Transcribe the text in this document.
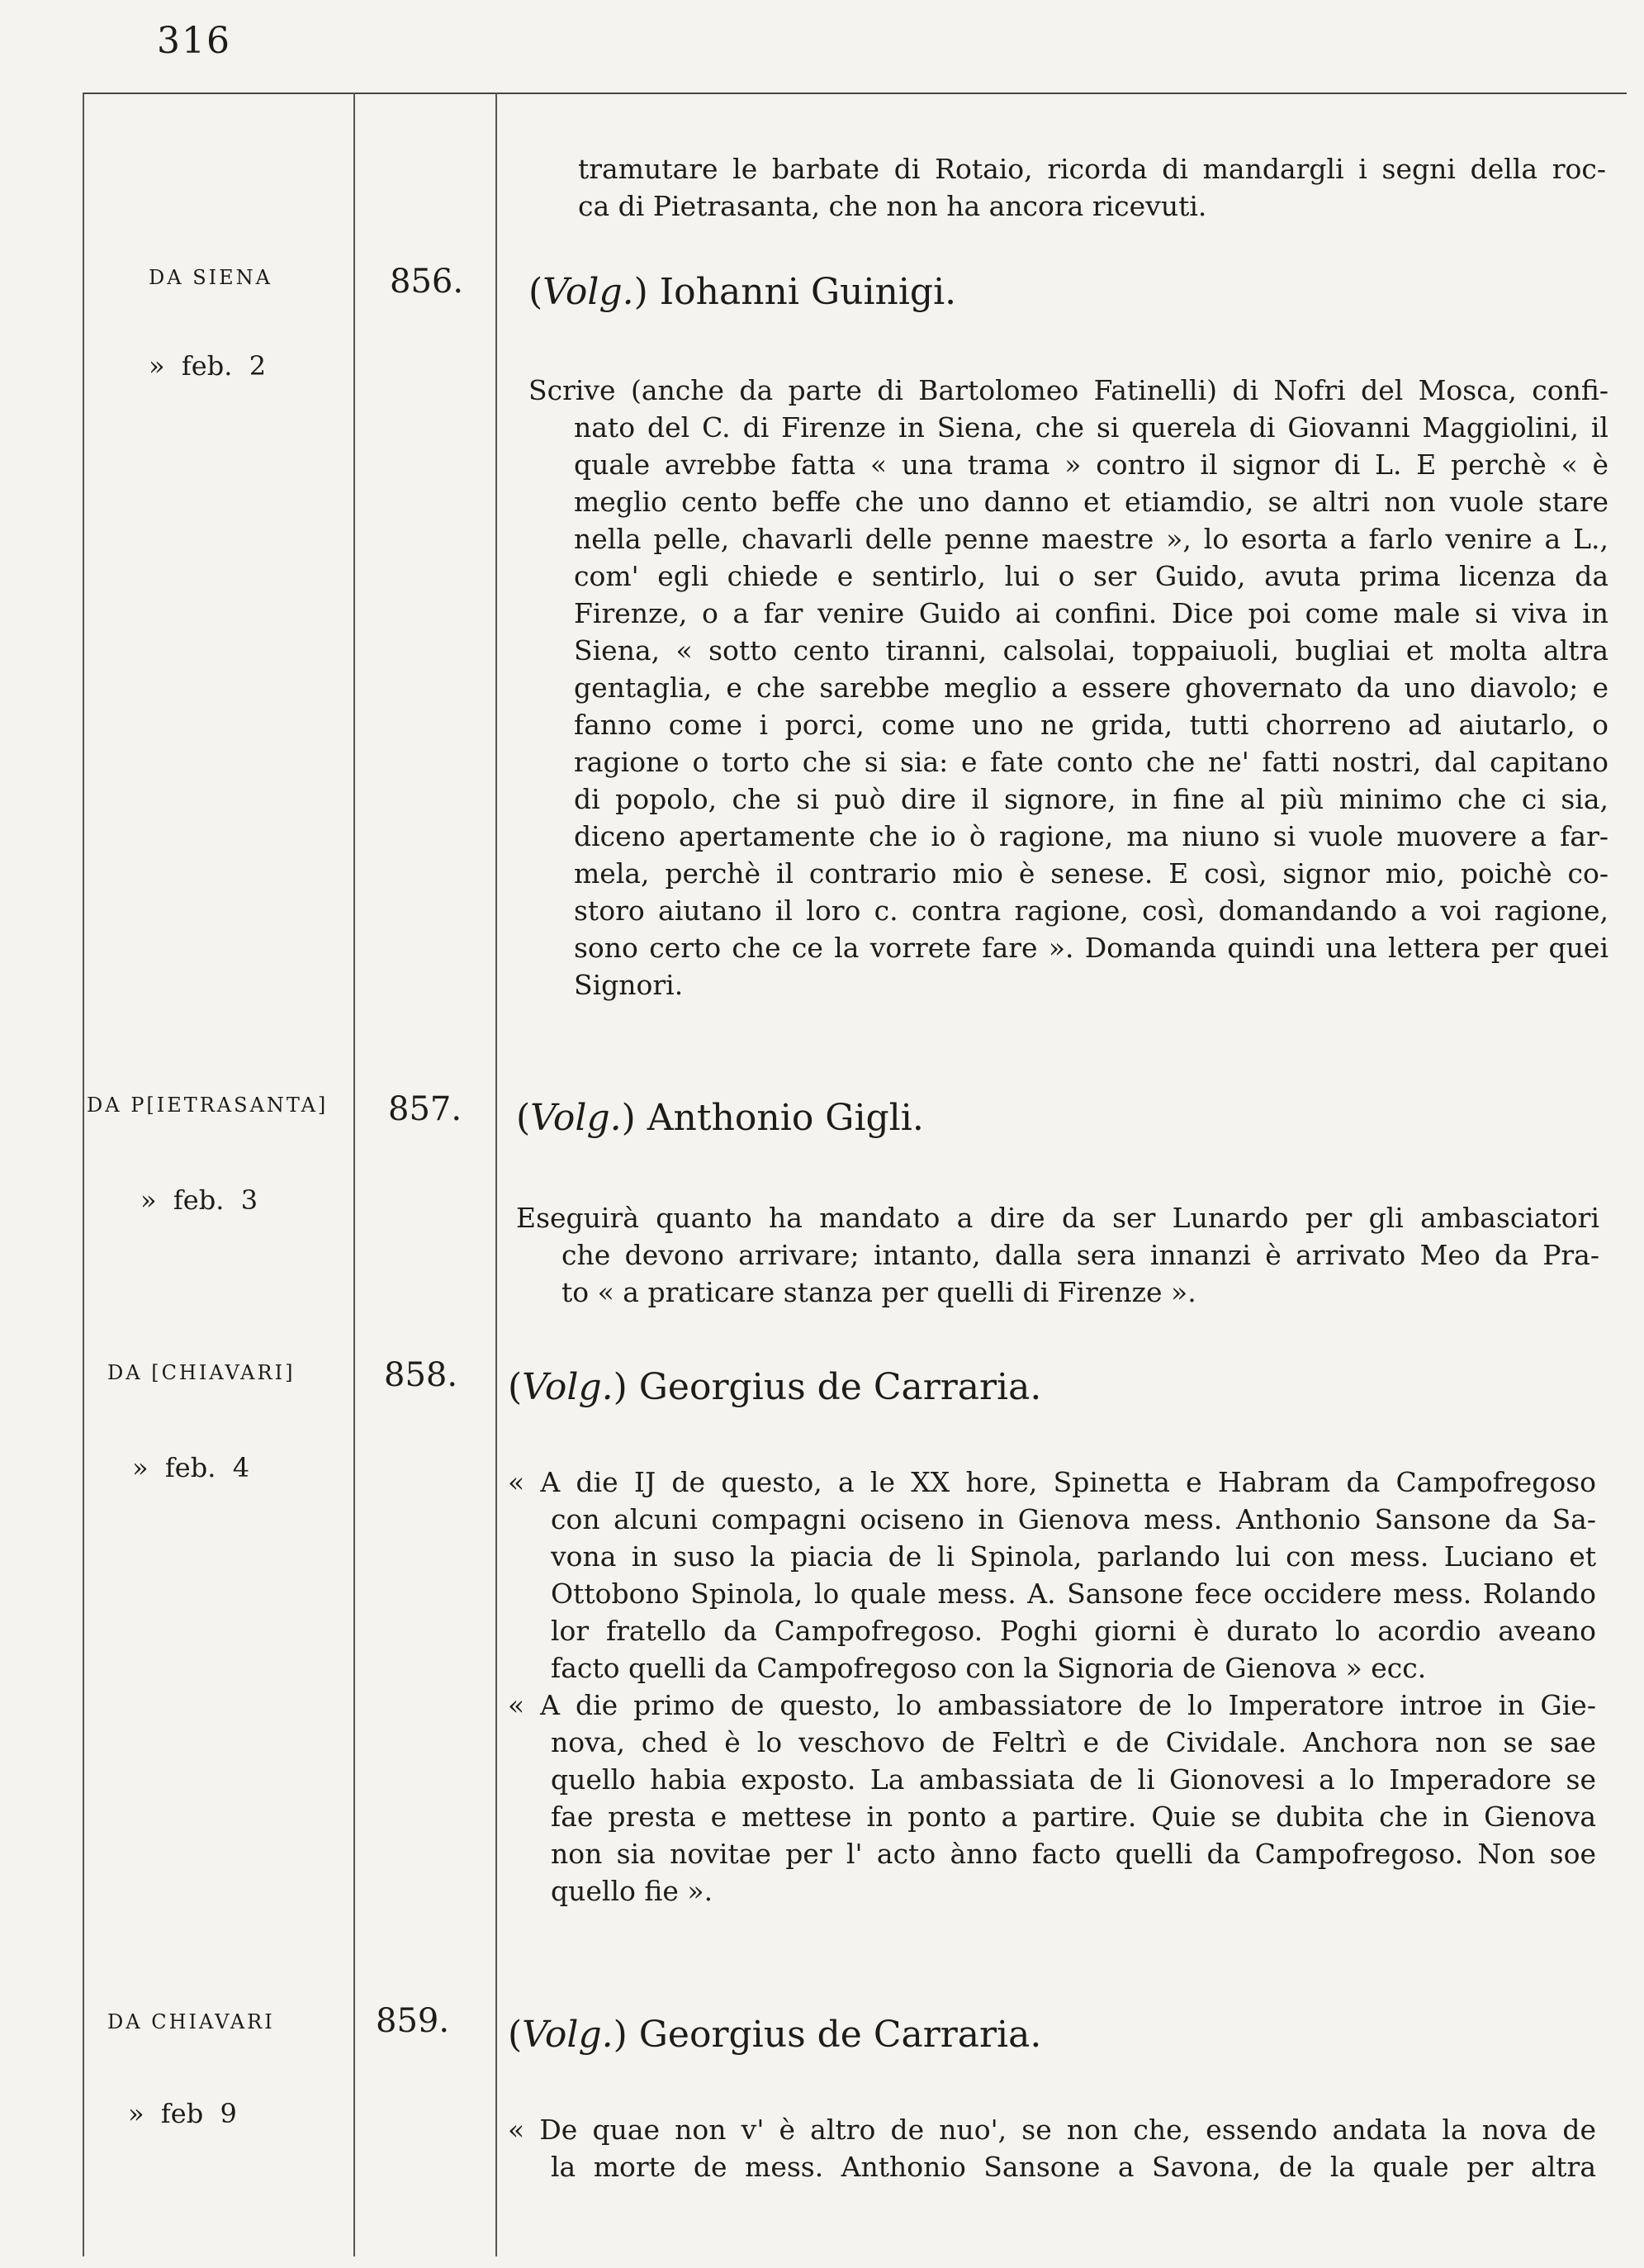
316
tramutare le barbate di Rotaio, ricorda di mandargli i segni della roc-
ca di Pietrasanta, che non ha ancora ricevuti.
DA SIENA
»  feb.  2
856. (Volg.) Iohanni Guinigi.
Scrive (anche da parte di Bartolomeo Fatinelli) di Nofri del Mosca, confi-
nato del C. di Firenze in Siena, che si querela di Giovanni Maggiolini, il
quale avrebbe fatta « una trama » contro il signor di L. E perchè « è
meglio cento beffe che uno danno et etiamdio, se altri non vuole stare
nella pelle, chavarli delle penne maestre », lo esorta a farlo venire a L.,
com' egli chiede e sentirlo, lui o ser Guido, avuta prima licenza da
Firenze, o a far venire Guido ai confini. Dice poi come male si viva in
Siena, « sotto cento tiranni, calsolai, toppaiuoli, bugliai et molta altra
gentaglia, e che sarebbe meglio a essere ghovernato da uno diavolo; e
fanno come i porci, come uno ne grida, tutti chorreno ad aiutarlo, o
ragione o torto che si sia: e fate conto che ne' fatti nostri, dal capitano
di popolo, che si può dire il signore, in fine al più minimo che ci sia,
diceno apertamente che io ò ragione, ma niuno si vuole muovere a far-
mela, perchè il contrario mio è senese. E così, signor mio, poichè co-
storo aiutano il loro c. contra ragione, così, domandando a voi ragione,
sono certo che ce la vorrete fare ». Domanda quindi una lettera per quei
Signori.
DA P[IETRASANTA]
»  feb.  3
857. (Volg.) Anthonio Gigli.
Eseguirà quanto ha mandato a dire da ser Lunardo per gli ambasciatori
che devono arrivare; intanto, dalla sera innanzi è arrivato Meo da Pra-
to « a praticare stanza per quelli di Firenze ».
DA [CHIAVARI]
»  feb.  4
858. (Volg.) Georgius de Carraria.
« A die IJ de questo, a le XX hore, Spinetta e Habram da Campofregoso
con alcuni compagni ociseno in Gienova mess. Anthonio Sansone da Sa-
vona in suso la piacia de li Spinola, parlando lui con mess. Luciano et
Ottobono Spinola, lo quale mess. A. Sansone fece occidere mess. Rolando
lor fratello da Campofregoso. Poghi giorni è durato lo acordio aveano
facto quelli da Campofregoso con la Signoria de Gienova » ecc.
« A die primo de questo, lo ambassiatore de lo Imperatore introe in Gie-
nova, ched è lo veschovo de Feltrì e de Cividale. Anchora non se sae
quello habia exposto. La ambassiata de li Gionovesi a lo Imperadore se
fae presta e mettese in ponto a partire. Quie se dubita che in Gienova
non sia novitae per l' acto ànno facto quelli da Campofregoso. Non soe
quello fie ».
DA CHIAVARI
»  feb  9
859. (Volg.) Georgius de Carraria.
« De quae non v' è altro de nuo', se non che, essendo andata la nova de
la morte de mess. Anthonio Sansone a Savona, de la quale per altra
